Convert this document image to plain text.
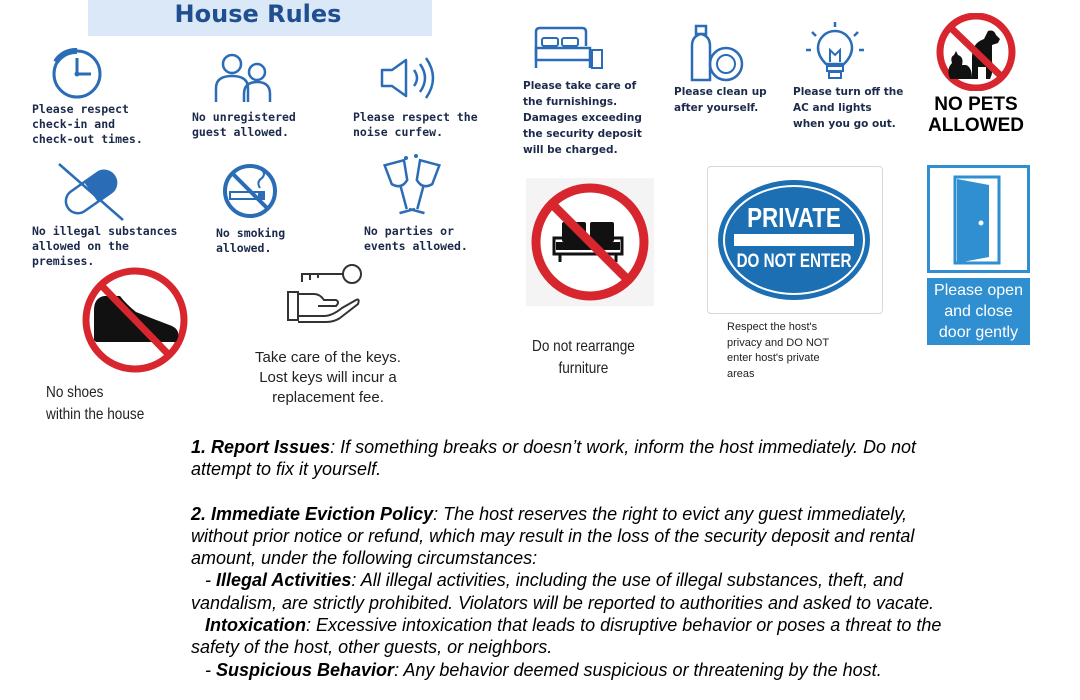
House Rules
Please respect
check-in and
check-out times.
No unregistered
guest allowed.
Please respect the
noise curfew.
Please take care of
the furnishings.
Damages exceeding
the security deposit
will be charged.
Please clean up
after yourself.
Please turn off the
AC and lights
when you go out.
NO PETS
ALLOWED
No illegal substances
allowed on the
premises.
No smoking
allowed.
No parties or
events allowed.
No shoes
within the house
Take care of the keys.
Lost keys will incur a
replacement fee.
Do not rearrange
furniture
PRIVATE
DO NOT ENTER
Respect the host's
privacy and DO NOT
enter host's private
areas
Please open
and close
door gently

1. Report Issues: If something breaks or doesn’t work, inform the host immediately. Do not attempt to fix it yourself.

2. Immediate Eviction Policy: The host reserves the right to evict any guest immediately, without prior notice or refund, which may result in the loss of the security deposit and rental amount, under the following circumstances:

- Illegal Activities: All illegal activities, including the use of illegal substances, theft, and vandalism, are strictly prohibited. Violators will be reported to authorities and asked to vacate.

Intoxication: Excessive intoxication that leads to disruptive behavior or poses a threat to the safety of the host, other guests, or neighbors.

- Suspicious Behavior: Any behavior deemed suspicious or threatening by the host.
